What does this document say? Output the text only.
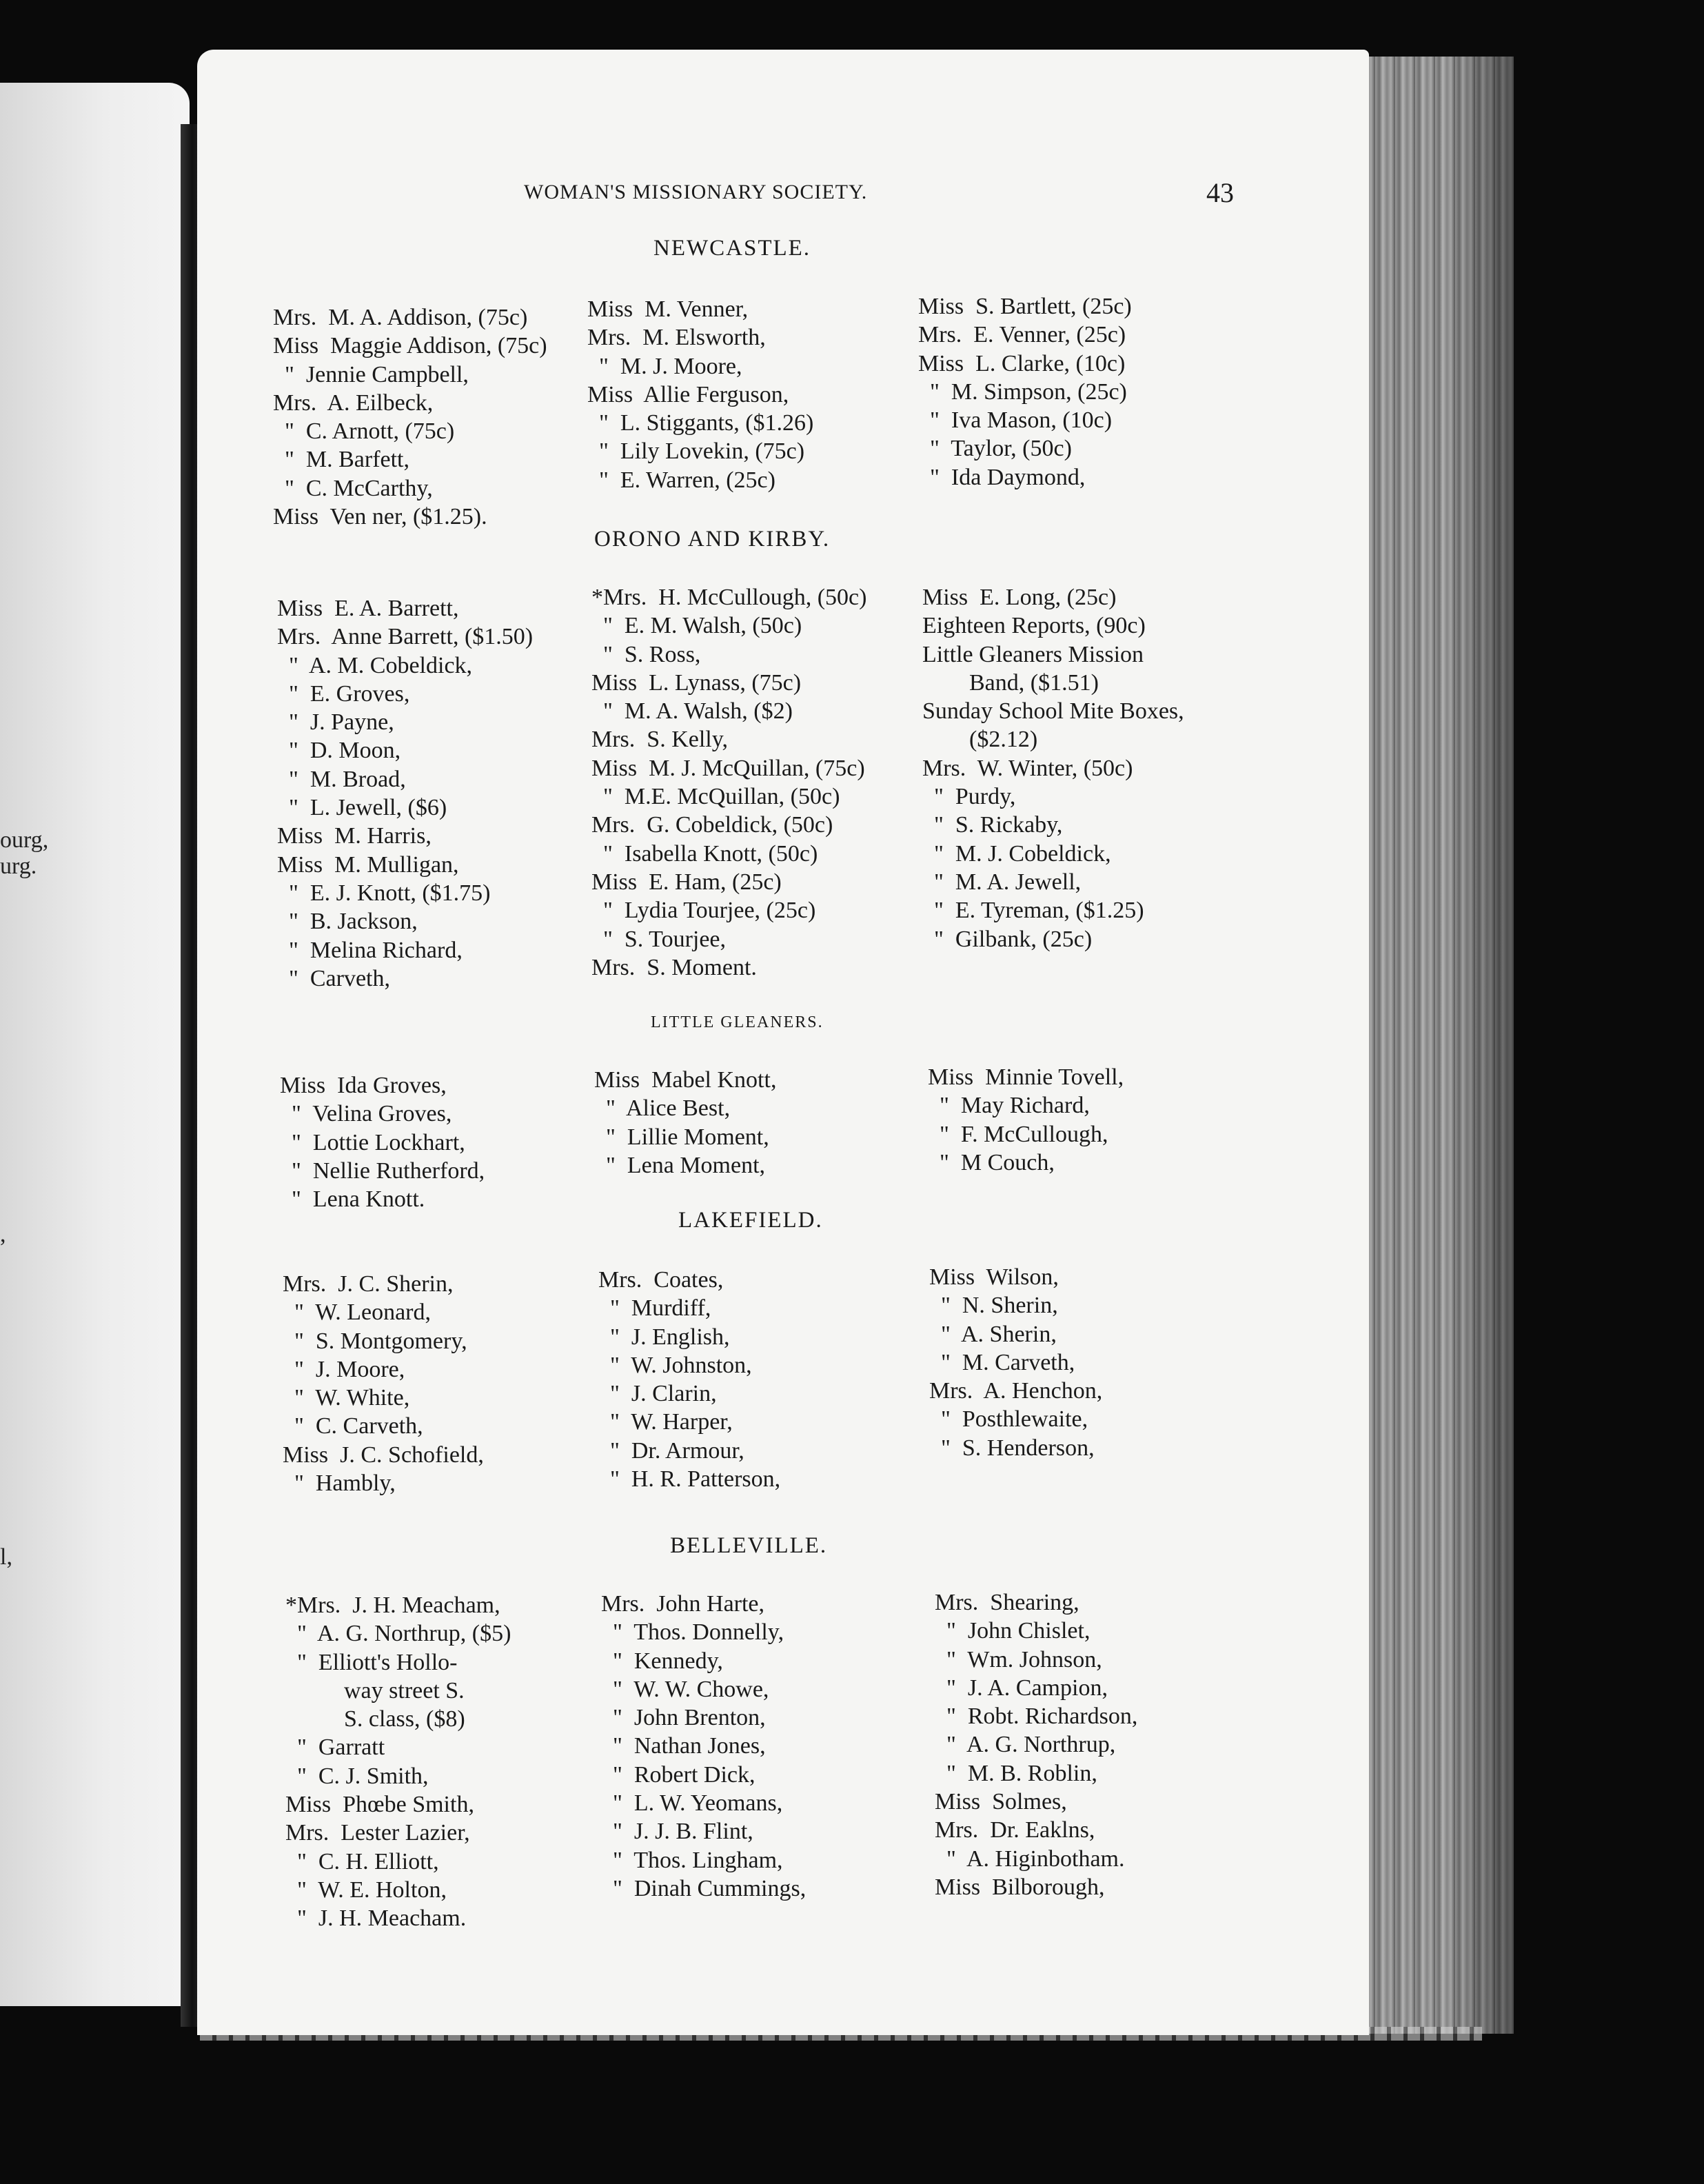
ourg,
urg.
,
l,
WOMAN'S MISSIONARY SOCIETY.	43
NEWCASTLE.
Mrs.  M. A. Addison, (75c)
Miss  Maggie Addison, (75c)
"  Jennie Campbell,
Mrs.  A. Eilbeck,
"  C. Arnott, (75c)
"  M. Barfett,
"  C. McCarthy,
Miss  Ven ner, ($1.25).
Miss  M. Venner,
Mrs.  M. Elsworth,
"  M. J. Moore,
Miss  Allie Ferguson,
"  L. Stiggants, ($1.26)
"  Lily Lovekin, (75c)
"  E. Warren, (25c)
Miss  S. Bartlett, (25c)
Mrs.  E. Venner, (25c)
Miss  L. Clarke, (10c)
"  M. Simpson, (25c)
"  Iva Mason, (10c)
"  Taylor, (50c)
"  Ida Daymond,
ORONO AND KIRBY.
Miss  E. A. Barrett,
Mrs.  Anne Barrett, ($1.50)
"  A. M. Cobeldick,
"  E. Groves,
"  J. Payne,
"  D. Moon,
"  M. Broad,
"  L. Jewell, ($6)
Miss  M. Harris,
Miss  M. Mulligan,
"  E. J. Knott, ($1.75)
"  B. Jackson,
"  Melina Richard,
"  Carveth,
*Mrs.  H. McCullough, (50c)
"  E. M. Walsh, (50c)
"  S. Ross,
Miss  L. Lynass, (75c)
"  M. A. Walsh, ($2)
Mrs.  S. Kelly,
Miss  M. J. McQuillan, (75c)
"  M.E. McQuillan, (50c)
Mrs.  G. Cobeldick, (50c)
"  Isabella Knott, (50c)
Miss  E. Ham, (25c)
"  Lydia Tourjee, (25c)
"  S. Tourjee,
Mrs.  S. Moment.
Miss  E. Long, (25c)
Eighteen Reports, (90c)
Little Gleaners Mission
Band, ($1.51)
Sunday School Mite Boxes,
($2.12)
Mrs.  W. Winter, (50c)
"  Purdy,
"  S. Rickaby,
"  M. J. Cobeldick,
"  M. A. Jewell,
"  E. Tyreman, ($1.25)
"  Gilbank, (25c)
LITTLE GLEANERS.
Miss  Ida Groves,
"  Velina Groves,
"  Lottie Lockhart,
"  Nellie Rutherford,
"  Lena Knott.
Miss  Mabel Knott,
"  Alice Best,
"  Lillie Moment,
"  Lena Moment,
Miss  Minnie Tovell,
"  May Richard,
"  F. McCullough,
"  M Couch,
LAKEFIELD.
Mrs.  J. C. Sherin,
"  W. Leonard,
"  S. Montgomery,
"  J. Moore,
"  W. White,
"  C. Carveth,
Miss  J. C. Schofield,
"  Hambly,
Mrs.  Coates,
"  Murdiff,
"  J. English,
"  W. Johnston,
"  J. Clarin,
"  W. Harper,
"  Dr. Armour,
"  H. R. Patterson,
Miss  Wilson,
"  N. Sherin,
"  A. Sherin,
"  M. Carveth,
Mrs.  A. Henchon,
"  Posthlewaite,
"  S. Henderson,
BELLEVILLE.
*Mrs.  J. H. Meacham,
"  A. G. Northrup, ($5)
"  Elliott's Hollo-
way street S.
S. class, ($8)
"  Garratt
"  C. J. Smith,
Miss  Phœbe Smith,
Mrs.  Lester Lazier,
"  C. H. Elliott,
"  W. E. Holton,
"  J. H. Meacham.
Mrs.  John Harte,
"  Thos. Donnelly,
"  Kennedy,
"  W. W. Chowe,
"  John Brenton,
"  Nathan Jones,
"  Robert Dick,
"  L. W. Yeomans,
"  J. J. B. Flint,
"  Thos. Lingham,
"  Dinah Cummings,
Mrs.  Shearing,
"  John Chislet,
"  Wm. Johnson,
"  J. A. Campion,
"  Robt. Richardson,
"  A. G. Northrup,
"  M. B. Roblin,
Miss  Solmes,
Mrs.  Dr. Eaklns,
"  A. Higinbotham.
Miss  Bilborough,
